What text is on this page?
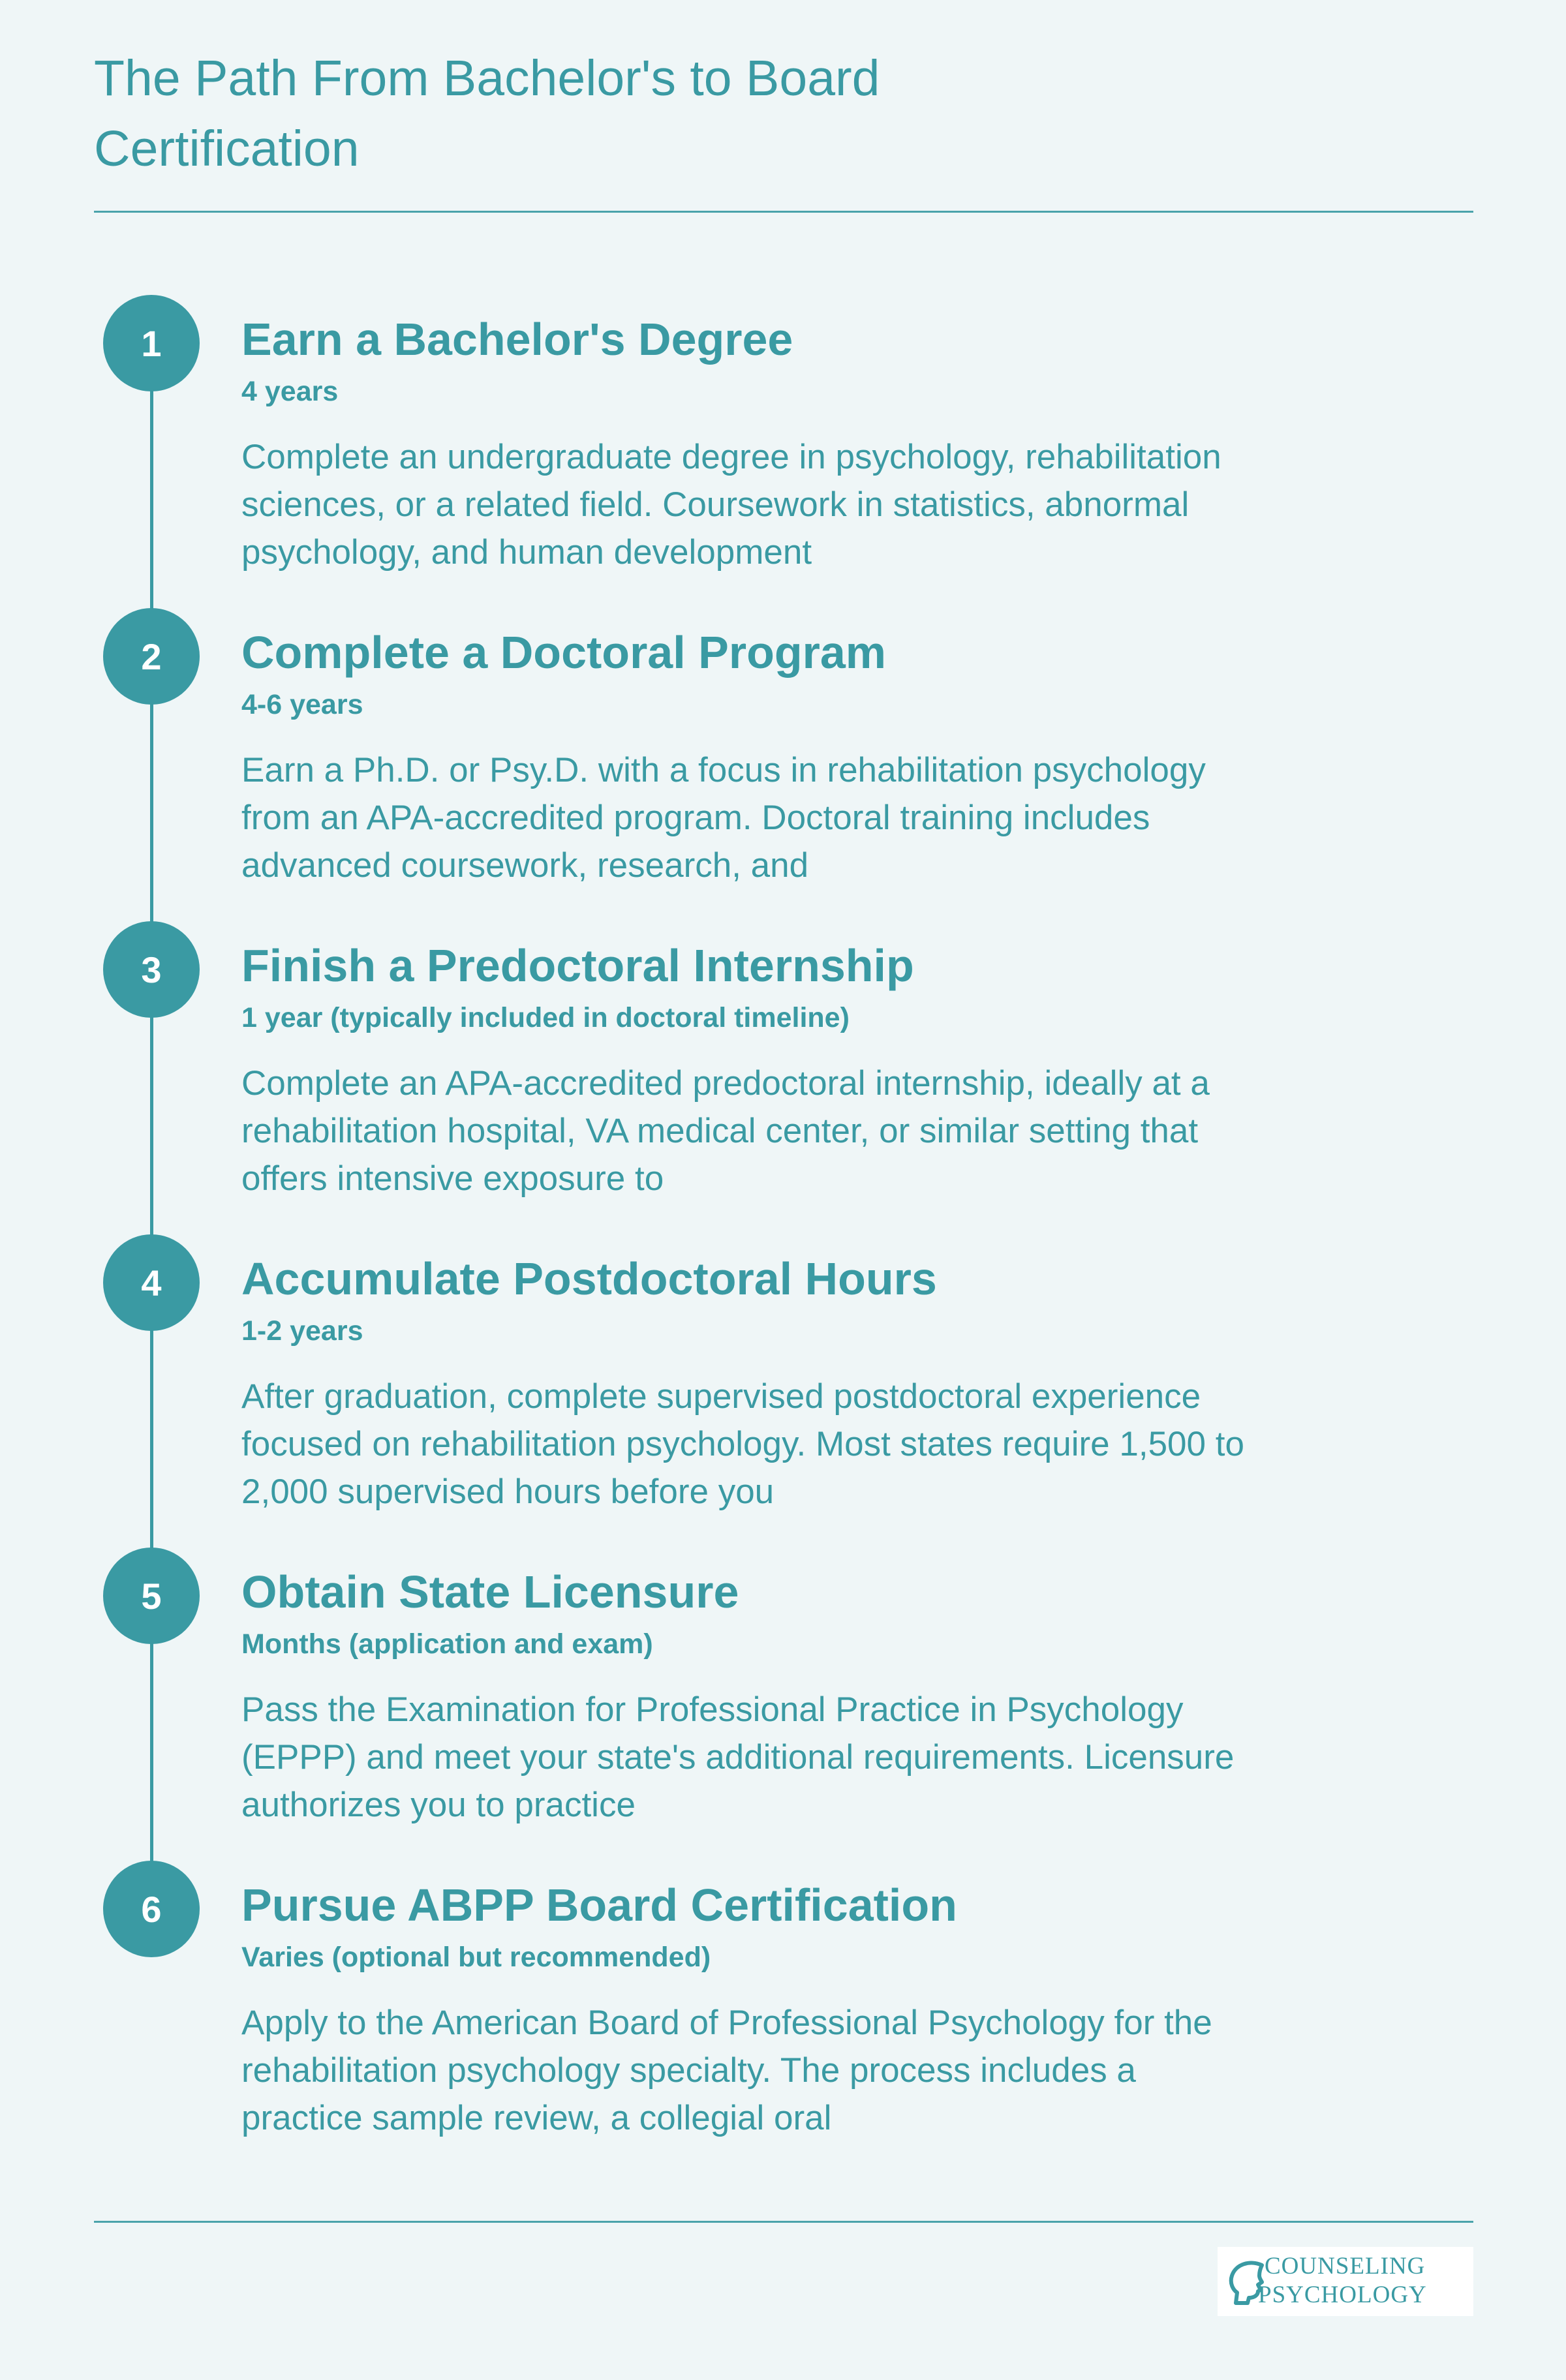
The Path From Bachelor's to Board Certification
1	Earn a Bachelor's Degree
4 years
Complete an undergraduate degree in psychology, rehabilitation sciences, or a related field. Coursework in statistics, abnormal psychology, and human development
2	Complete a Doctoral Program
4-6 years
Earn a Ph.D. or Psy.D. with a focus in rehabilitation psychology from an APA-accredited program. Doctoral training includes advanced coursework, research, and
3	Finish a Predoctoral Internship
1 year (typically included in doctoral timeline)
Complete an APA-accredited predoctoral internship, ideally at a rehabilitation hospital, VA medical center, or similar setting that offers intensive exposure to
4	Accumulate Postdoctoral Hours
1-2 years
After graduation, complete supervised postdoctoral experience focused on rehabilitation psychology. Most states require 1,500 to 2,000 supervised hours before you
5	Obtain State Licensure
Months (application and exam)
Pass the Examination for Professional Practice in Psychology (EPPP) and meet your state's additional requirements. Licensure authorizes you to practice
6	Pursue ABPP Board Certification
Varies (optional but recommended)
Apply to the American Board of Professional Psychology for the rehabilitation psychology specialty. The process includes a practice sample review, a collegial oral
COUNSELING
PSYCHOLOGY
